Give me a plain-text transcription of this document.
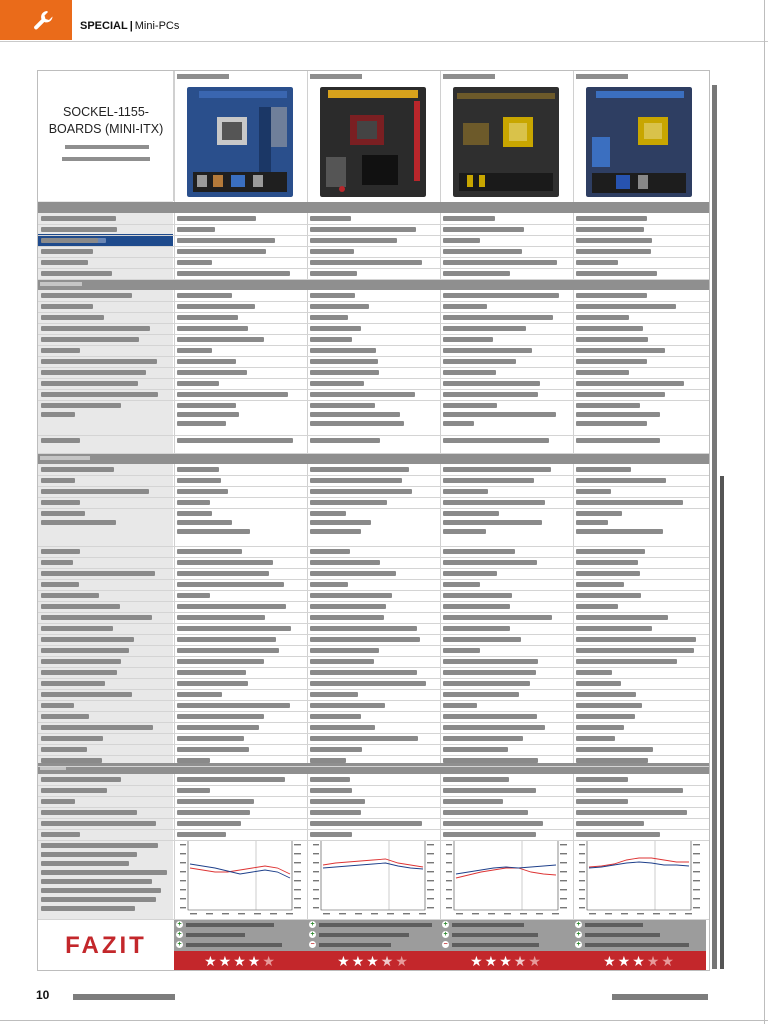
SPECIAL | Mini-PCs
SOCKEL-1155-
BOARDS (MINI-ITX)
FAZIT
+
+
+
★★★★★
+
+
−
★★★★★
+
+
−
★★★★★
+
+
+
★★★★★
10
